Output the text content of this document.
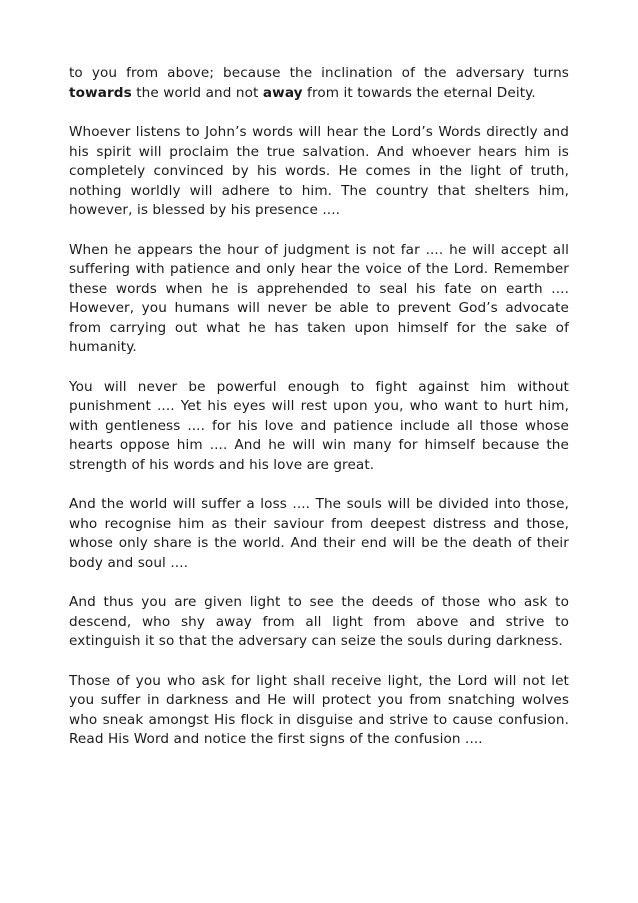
to you from above; because the inclination of the adversary turns towards the world and not away from it towards the eternal Deity.

Whoever listens to John’s words will hear the Lord’s Words directly and his spirit will proclaim the true salvation. And whoever hears him is completely convinced by his words. He comes in the light of truth, nothing worldly will adhere to him. The country that shelters him, however, is blessed by his presence ....

When he appears the hour of judgment is not far .... he will accept all suffering with patience and only hear the voice of the Lord. Remember these words when he is apprehended to seal his fate on earth .... However, you humans will never be able to prevent God’s advocate from carrying out what he has taken upon himself for the sake of humanity.

You will never be powerful enough to fight against him without punishment .... Yet his eyes will rest upon you, who want to hurt him, with gentleness .... for his love and patience include all those whose hearts oppose him .... And he will win many for himself because the strength of his words and his love are great.

And the world will suffer a loss .... The souls will be divided into those, who recognise him as their saviour from deepest distress and those, whose only share is the world. And their end will be the death of their body and soul ....

And thus you are given light to see the deeds of those who ask to descend, who shy away from all light from above and strive to extinguish it so that the adversary can seize the souls during darkness.

Those of you who ask for light shall receive light, the Lord will not let you suffer in darkness and He will protect you from snatching wolves who sneak amongst His flock in disguise and strive to cause confusion. Read His Word and notice the first signs of the confusion ....
